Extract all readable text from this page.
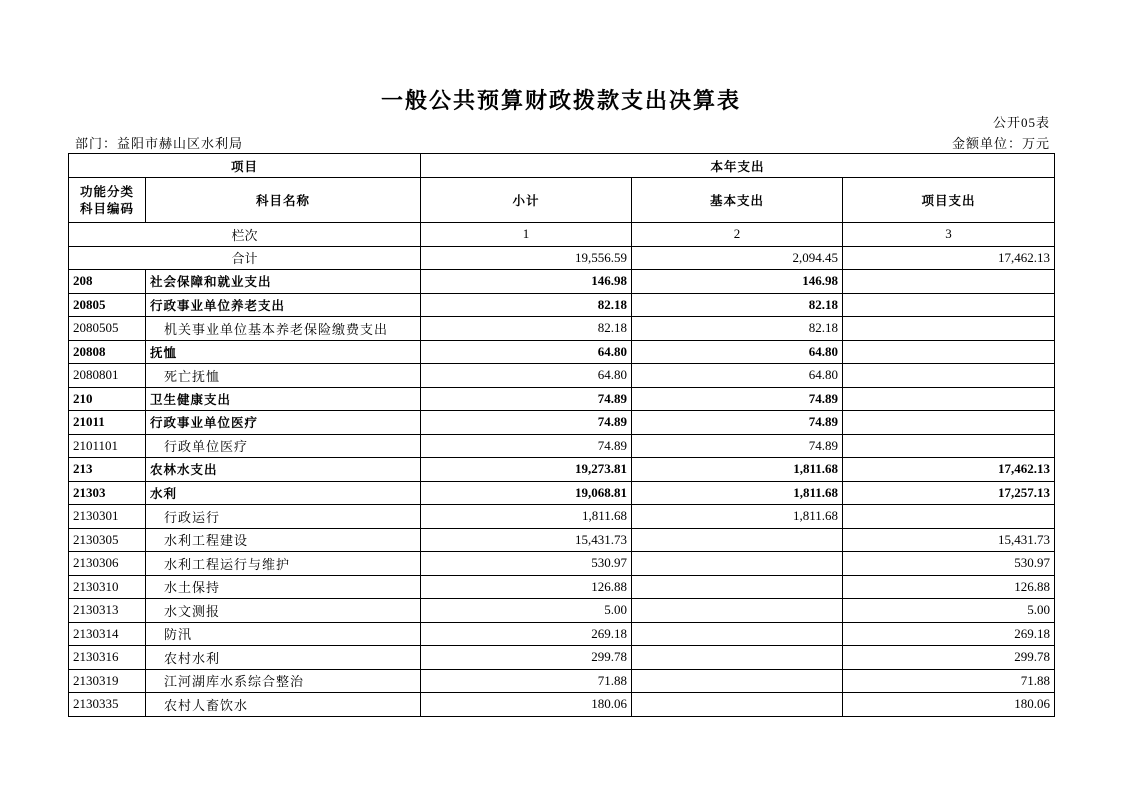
一般公共预算财政拨款支出决算表
公开05表
部门：益阳市赫山区水利局	金额单位：万元
项目		本年支出		
功能分类
科目编码	科目名称	小计	基本支出	项目支出
栏次		1	2	3
合计		19,556.59	2,094.45	17,462.13
208	社会保障和就业支出	146.98	146.98	
20805	行政事业单位养老支出	82.18	82.18	
2080505	机关事业单位基本养老保险缴费支出	82.18	82.18	
20808	抚恤	64.80	64.80	
2080801	死亡抚恤	64.80	64.80	
210	卫生健康支出	74.89	74.89	
21011	行政事业单位医疗	74.89	74.89	
2101101	行政单位医疗	74.89	74.89	
213	农林水支出	19,273.81	1,811.68	17,462.13
21303	水利	19,068.81	1,811.68	17,257.13
2130301	行政运行	1,811.68	1,811.68	
2130305	水利工程建设	15,431.73		15,431.73
2130306	水利工程运行与维护	530.97		530.97
2130310	水土保持	126.88		126.88
2130313	水文测报	5.00		5.00
2130314	防汛	269.18		269.18
2130316	农村水利	299.78		299.78
2130319	江河湖库水系综合整治	71.88		71.88
2130335	农村人畜饮水	180.06		180.06
